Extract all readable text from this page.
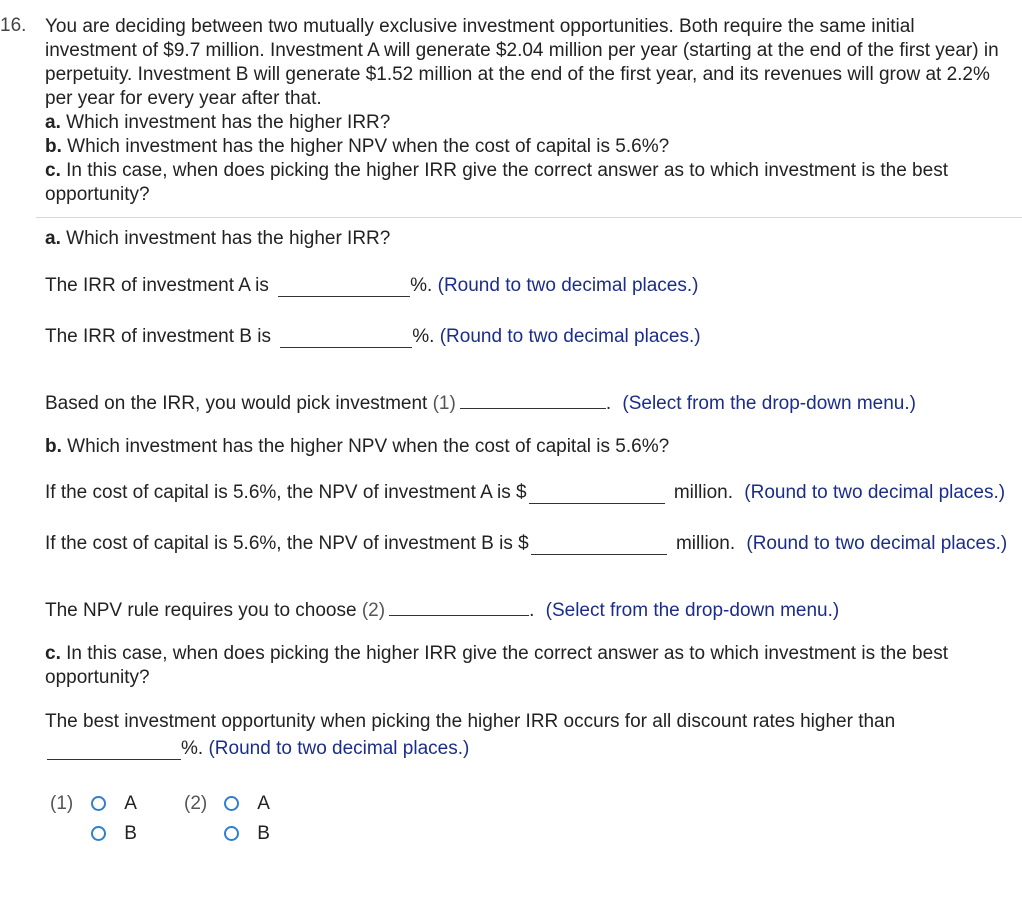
16. You are deciding between two mutually exclusive investment opportunities. Both require the same initial

investment of $9.7 million. Investment A will generate $2.04 million per year (starting at the end of the first year) in

perpetuity. Investment B will generate $1.52 million at the end of the first year, and its revenues will grow at 2.2%

per year for every year after that.

a. Which investment has the higher IRR?

b. Which investment has the higher NPV when the cost of capital is 5.6%?

c. In this case, when does picking the higher IRR give the correct answer as to which investment is the best

opportunity?

a. Which investment has the higher IRR?
The IRR of investment A is	%. (Round to two decimal places.)
The IRR of investment B is	%. (Round to two decimal places.)
Based on the IRR, you would pick investment (1)	. (Select from the drop-down menu.)
b. Which investment has the higher NPV when the cost of capital is 5.6%?
If the cost of capital is 5.6%, the NPV of investment A is $	million. (Round to two decimal places.)
If the cost of capital is 5.6%, the NPV of investment B is $	million. (Round to two decimal places.)
The NPV rule requires you to choose (2)	. (Select from the drop-down menu.)
c. In this case, when does picking the higher IRR give the correct answer as to which investment is the best
opportunity?
The best investment opportunity when picking the higher IRR occurs for all discount rates higher than
%. (Round to two decimal places.)
(1)	A
B
(2)	A
B
